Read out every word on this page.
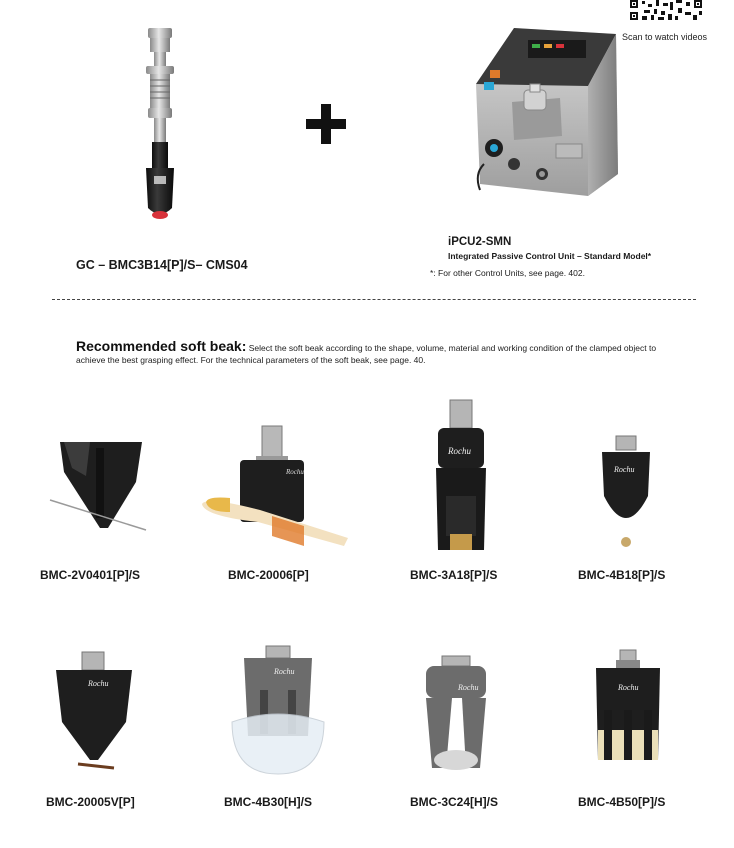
Scan to watch videos
GC – BMC3B14[P]/S– CMS04
iPCU2-SMN
Integrated Passive Control Unit – Standard Model*
*: For other Control Units, see page. 402.
Recommended soft beak: Select the soft beak according to the shape, volume, material and working condition of the clamped object to achieve the best grasping effect. For the technical parameters of the soft beak, see page. 40.
Rochu
Rochu
Rochu
BMC-2V0401[P]/S	BMC-20006[P]	BMC-3A18[P]/S	BMC-4B18[P]/S
Rochu
Rochu
Rochu	Rochu
BMC-20005V[P]	BMC-4B30[H]/S	BMC-3C24[H]/S	BMC-4B50[P]/S
